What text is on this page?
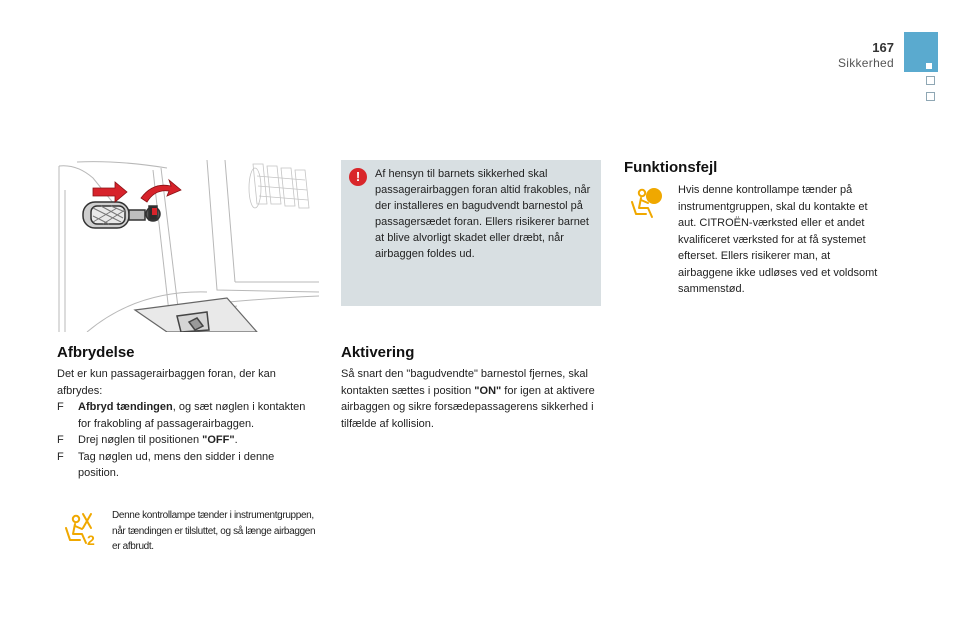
167
Sikkerhed
Afbrydelse
Det er kun passagerairbaggen foran, der kan afbrydes:
F	Afbryd tændingen, og sæt nøglen i kontakten for frakobling af passagerairbaggen.
F	Drej nøglen til positionen "OFF".
F	Tag nøglen ud, mens den sidder i denne position.
2
Denne kontrollampe tænder i instrumentgruppen, når tændingen er tilsluttet, og så længe airbaggen er afbrudt.
!	Af hensyn til barnets sikkerhed skal passagerairbaggen foran altid frakobles, når der installeres en bagudvendt barnestol på passagersædet foran. Ellers risikerer barnet at blive alvorligt skadet eller dræbt, når airbaggen foldes ud.
Aktivering
Så snart den "bagudvendte" barnestol fjernes, skal kontakten sættes i position "ON" for igen at aktivere airbaggen og sikre forsædepassagerens sikkerhed i tilfælde af kollision.
Funktionsfejl
Hvis denne kontrollampe tænder på instrumentgruppen, skal du kontakte et aut. CITROËN-værksted eller et andet kvalificeret værksted for at få systemet efterset. Ellers risikerer man, at airbaggene ikke udløses ved et voldsomt sammenstød.
